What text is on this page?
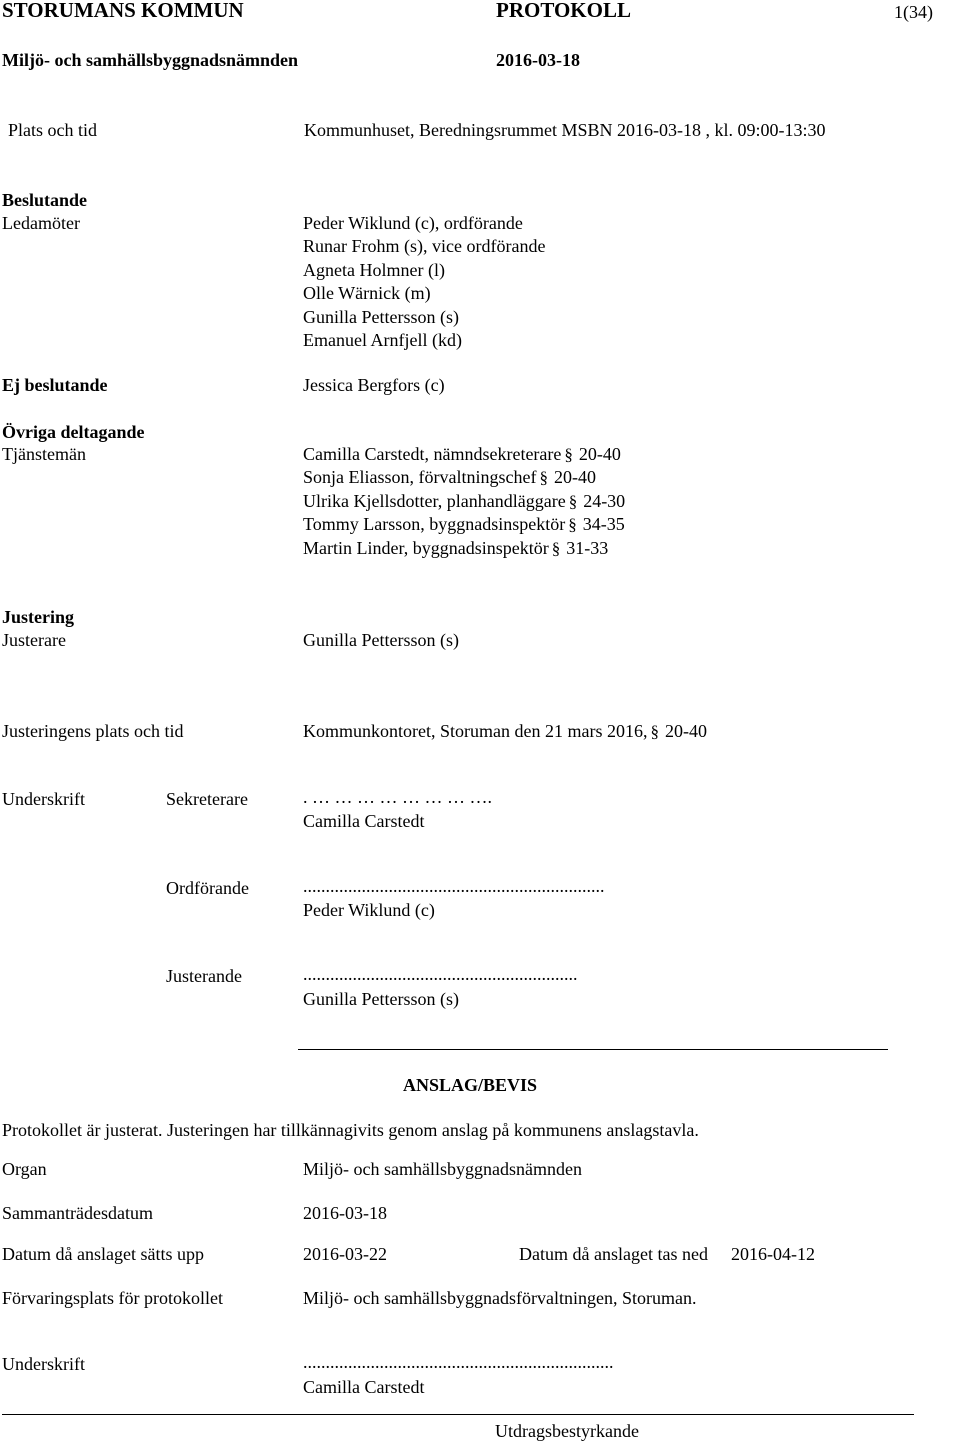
STORUMANS KOMMUN	PROTOKOLL	1(34)
Miljö- och samhällsbyggnadsnämnden	2016-03-18
Plats och tid	Kommunhuset, Beredningsrummet MSBN 2016-03-18 , kl. 09:00-13:30
Beslutande
Ledamöter	Peder Wiklund (c), ordförande
Runar Frohm (s), vice ordförande
Agneta Holmner (l)
Olle Wärnick (m)
Gunilla Pettersson (s)
Emanuel Arnfjell (kd)
Ej beslutande	Jessica Bergfors (c)
Övriga deltagande
Tjänstemän	Camilla Carstedt, nämndsekreterare § 20-40
Sonja Eliasson, förvaltningschef § 20-40
Ulrika Kjellsdotter, planhandläggare § 24-30
Tommy Larsson, byggnadsinspektör § 34-35
Martin Linder, byggnadsinspektör § 31-33
Justering
Justerare	Gunilla Pettersson (s)
Justeringens plats och tid	Kommunkontoret, Storuman den 21 mars 2016, § 20-40
Underskrift	Sekreterare	. … … … … … … … ….
Camilla Carstedt
Ordförande	...................................................................
Peder Wiklund (c)
Justerande	.............................................................
Gunilla Pettersson (s)
ANSLAG/BEVIS
Protokollet är justerat. Justeringen har tillkännagivits genom anslag på kommunens anslagstavla.
Organ	Miljö- och samhällsbyggnadsnämnden
Sammanträdesdatum	2016-03-18
Datum då anslaget sätts upp	2016-03-22	Datum då anslaget tas ned 2016-04-12
Förvaringsplats för protokollet	Miljö- och samhällsbyggnadsförvaltningen, Storuman.
Underskrift	.....................................................................
Camilla Carstedt
Utdragsbestyrkande
